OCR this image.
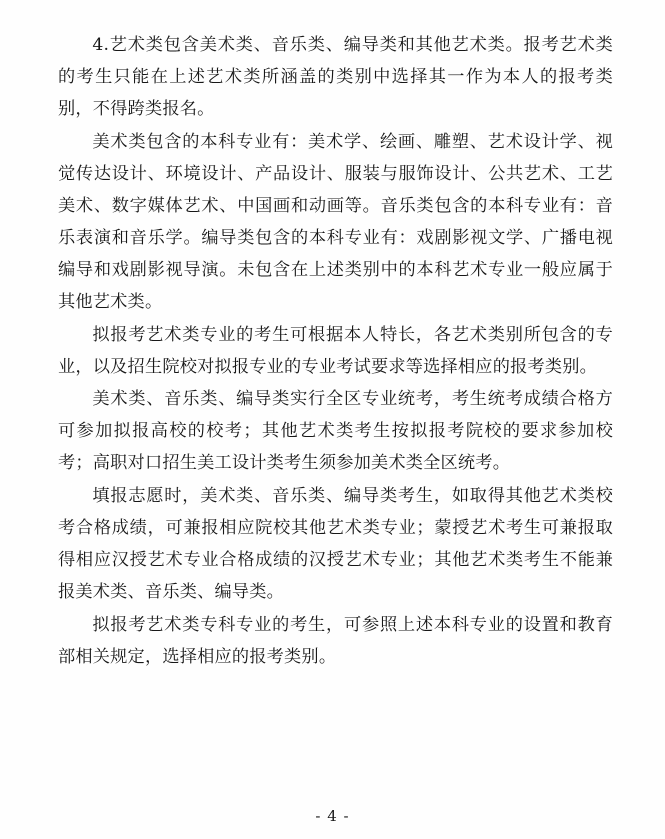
4.艺术类包含美术类、音乐类、编导类和其他艺术类。报考艺术类的考生只能在上述艺术类所涵盖的类别中选择其一作为本人的报考类别，不得跨类报名。

美术类包含的本科专业有：美术学、绘画、雕塑、艺术设计学、视觉传达设计、环境设计、产品设计、服装与服饰设计、公共艺术、工艺美术、数字媒体艺术、中国画和动画等。音乐类包含的本科专业有：音乐表演和音乐学。编导类包含的本科专业有：戏剧影视文学、广播电视编导和戏剧影视导演。未包含在上述类别中的本科艺术专业一般应属于其他艺术类。

拟报考艺术类专业的考生可根据本人特长，各艺术类别所包含的专业，以及招生院校对拟报专业的专业考试要求等选择相应的报考类别。

美术类、音乐类、编导类实行全区专业统考，考生统考成绩合格方可参加拟报高校的校考；其他艺术类考生按拟报考院校的要求参加校考；高职对口招生美工设计类考生须参加美术类全区统考。

填报志愿时，美术类、音乐类、编导类考生，如取得其他艺术类校考合格成绩，可兼报相应院校其他艺术类专业；蒙授艺术考生可兼报取得相应汉授艺术专业合格成绩的汉授艺术专业；其他艺术类考生不能兼报美术类、音乐类、编导类。

拟报考艺术类专科专业的考生，可参照上述本科专业的设置和教育部相关规定，选择相应的报考类别。

- 4 -
